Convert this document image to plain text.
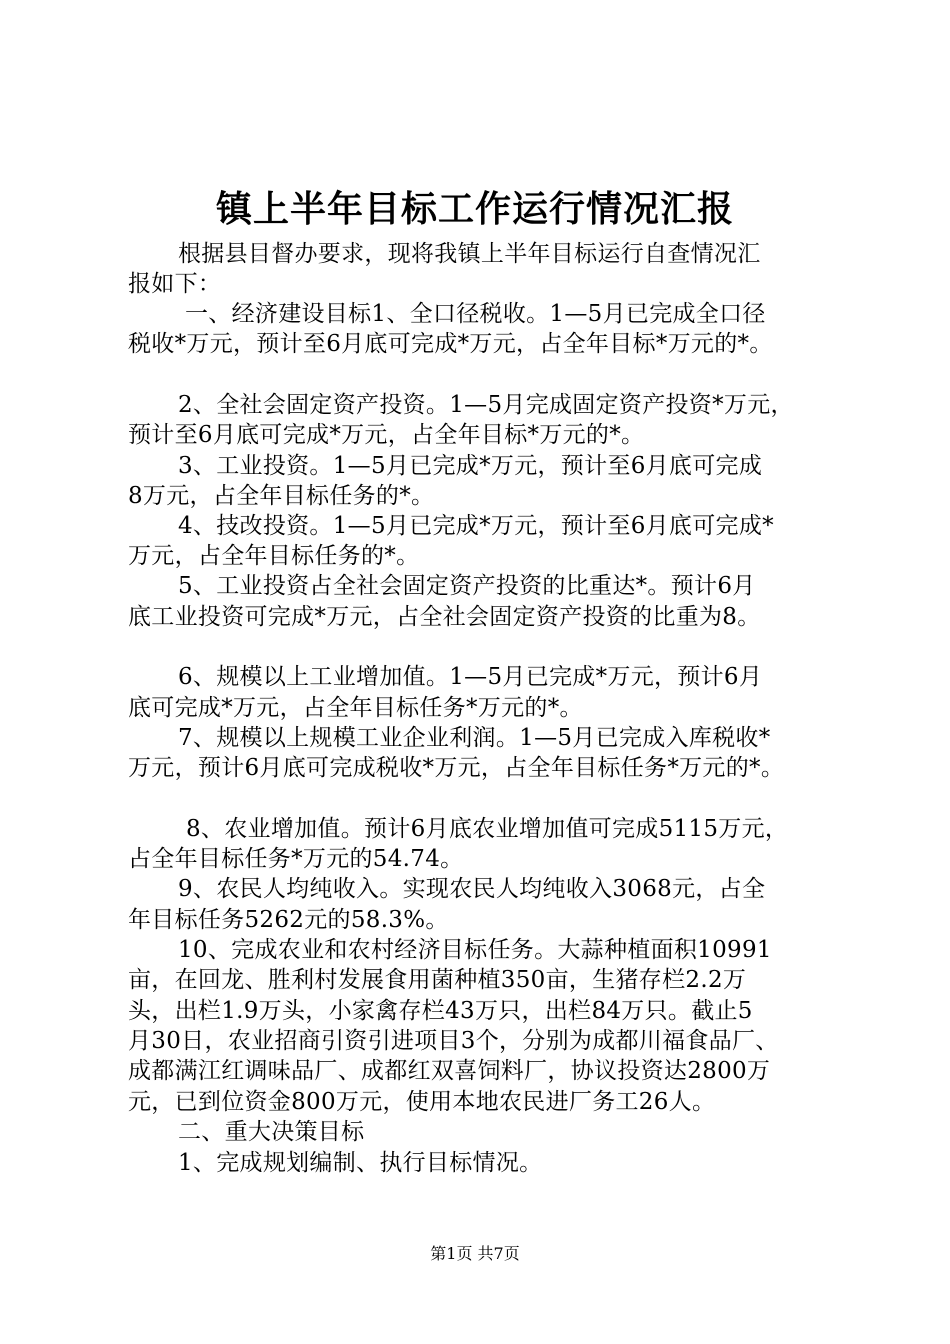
镇上半年目标工作运行情况汇报
根据县目督办要求，现将我镇上半年目标运行自查情况汇
报如下：
一、经济建设目标1、全口径税收。1—5月已完成全口径
税收*万元，预计至6月底可完成*万元，占全年目标*万元的*。
2、全社会固定资产投资。1—5月完成固定资产投资*万元，
预计至6月底可完成*万元，占全年目标*万元的*。
3、工业投资。1—5月已完成*万元，预计至6月底可完成
8万元，占全年目标任务的*。
4、技改投资。1—5月已完成*万元，预计至6月底可完成*
万元，占全年目标任务的*。
5、工业投资占全社会固定资产投资的比重达*。预计6月
底工业投资可完成*万元，占全社会固定资产投资的比重为8。
6、规模以上工业增加值。1—5月已完成*万元，预计6月
底可完成*万元，占全年目标任务*万元的*。
7、规模以上规模工业企业利润。1—5月已完成入库税收*
万元，预计6月底可完成税收*万元，占全年目标任务*万元的*。
8、农业增加值。预计6月底农业增加值可完成5115万元，
占全年目标任务*万元的54.74。
9、农民人均纯收入。实现农民人均纯收入3068元，占全
年目标任务5262元的58.3%。
10、完成农业和农村经济目标任务。大蒜种植面积10991
亩，在回龙、胜利村发展食用菌种植350亩，生猪存栏2.2万
头，出栏1.9万头，小家禽存栏43万只，出栏84万只。截止5
月30日，农业招商引资引进项目3个，分别为成都川福食品厂、
成都满江红调味品厂、成都红双喜饲料厂，协议投资达2800万
元，已到位资金800万元，使用本地农民进厂务工26人。
二、重大决策目标
1、完成规划编制、执行目标情况。
第1页 共7页
